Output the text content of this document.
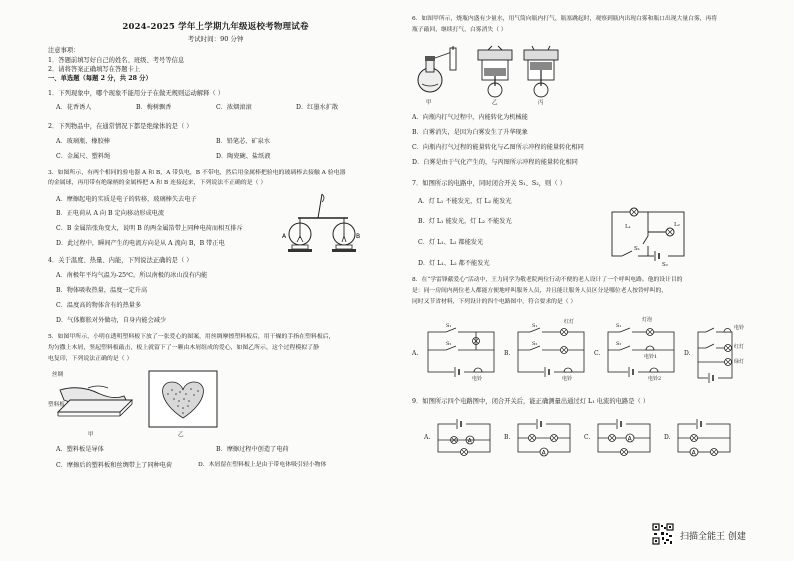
2024-2025 学年上学期九年级返校考物理试卷
考试时间：90 分钟
注意事项：
1．答题前填写好自己的姓名、班级、考号等信息
2．请将答案正确填写在答题卡上
一、单选题（每题 2 分，共 28 分）
1．下列现象中，哪个现象不能用分子在做无规则运动解释（ ）
A．花香诱人	B．梅树飘香	C．浓烟滚滚	D．红墨水扩散
2．下列物品中，在通常情况下都是绝缘体的是（ ）
A．玻璃瓶、橡胶棒	B．铅笔芯、矿泉水
C．金属尺、塑料绳	D．陶瓷碗、盐纸液
3．如图所示，有两个相同的验电器 A 和 B，A 带负电，B 不带电，然后用金属棒把验电的玻璃棒去接触 A 验电器
的金属球，再用带有绝缘柄的金属棒把 A 和 B 连接起来，下列说法不正确的是（ ）
A．摩擦起电的实质是电子的转移，玻璃棒失去电子
B．正电荷从 A 向 B 定向移动形成电流
C．B 金属箔张角变大，说明 B 的两金属箔带上同种电荷而相互排斥
D．此过程中，瞬间产生的电流方向是从 A 流向 B，B 带正电
A	B
4．关于温度、热量、内能，下列说法正确的是（ ）
A．南极年平均气温为-25℃，所以南极的冰山没有内能
B．物体吸收热量，温度一定升高
C．温度高的物体含有的热量多
D．气体膨胀对外做功，自身内能会减少
5．如图甲所示，小明在透明塑料板下放了一张爱心的图案，用丝绸摩擦塑料板后，用干燥的手指在塑料板后，
均匀撒上木屑，竖起塑料板敲击，板上就留下了一颗由木屑组成的爱心，如图乙所示，这个过程模拟了静
电复印，下列说法正确的是（ ）
丝绸
塑料板
甲	乙
A．塑料板是导体	B．摩擦过程中创造了电荷
C．摩擦后的塑料板和丝绸带上了同种电荷	D．木屑留在塑料板上是由于带电体吸引轻小物体
6．如图甲所示，烧瓶内盛有少量水，用气筒向瓶内打气，瓶塞跳起时，观察到瓶内出现白雾和瓶口出现大量白雾，再将
瓶子敲回，继续打气，白雾消失（ ）
甲	乙	丙
A．向瓶内打气过程中，内能转化为机械能
B．白雾消失，是因为白雾发生了升华现象
C．向瓶内打气过程的能量转化与乙图所示冲程的能量转化相同
D．白雾是由于气化产生的，与丙图所示冲程的能量转化相同
7．如图所示的电路中，同时闭合开关 S₁、S₂，则（ ）
A．灯 L₁ 不能发光，灯 L₂ 能发光
B．灯 L₁ 能发光，灯 L₂ 不能发光
C．灯 L₁、L₂ 都能发光
D．灯 L₁、L₂ 都不能发光
L₁	L₂
S₁
S₂
8．在“学雷锋献爱心”活动中，王力同学为敬老院两位行动不便的老人设计了一个呼叫电路。他的设计目的
是：同一房间内两位老人都能方便地呼叫服务人员，并且能让服务人员区分是哪位老人按铃呼叫的，
同时又节省材料，下列设计的四个电路图中，符合要求的是（ ）
A.
S₁
S₂
电铃
B.
S₁
S₂
红灯
电铃
C.
S₁
S₂
灯泡
电铃1
电铃2
D.
电铃
红灯
绿灯
9．如图所示四个电路图中，闭合开关后，能正确测量出通过灯 L₁ 电流的电路是（ ）
A.	A	B.
A
C.	A	D.
A
扫描全能王 创建
